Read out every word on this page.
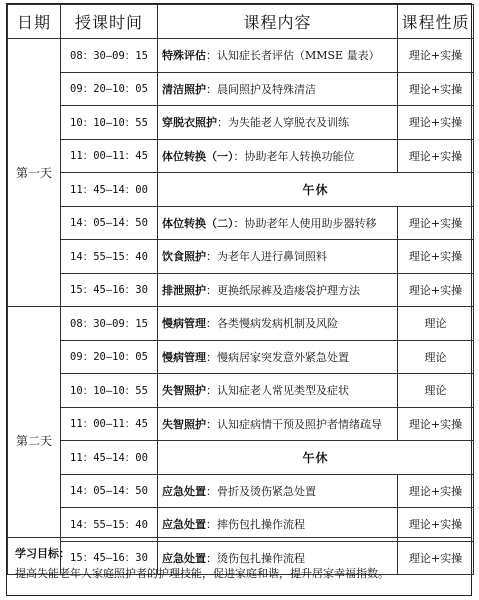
日期	授课时间	课程内容	课程性质
第一天	08：30—09：15	特殊评估：认知症长者评估（MMSE 量表）	理论+实操
	09：20—10：05	清洁照护：晨间照护及特殊清洁	理论+实操
	10：10—10：55	穿脱衣照护：为失能老人穿脱衣及训练	理论+实操
	11：00—11：45	体位转换（一）：协助老年人转换功能位	理论+实操
	11：45—14：00	午休	
	14：05—14：50	体位转换（二）：协助老年人使用助步器转移	理论+实操
	14：55—15：40	饮食照护：为老年人进行鼻饲照料	理论+实操
	15：45—16：30	排泄照护：更换纸尿裤及造瘘袋护理方法	理论+实操
第二天	08：30—09：15	慢病管理：各类慢病发病机制及风险	理论
	09：20—10：05	慢病管理：慢病居家突发意外紧急处置	理论
	10：10—10：55	失智照护：认知症老人常见类型及症状	理论
	11：00—11：45	失智照护：认知症病情干预及照护者情绪疏导	理论+实操
	11：45—14：00	午休	
	14：05—14：50	应急处置：骨折及烫伤紧急处置	理论+实操
	14：55—15：40	应急处置：摔伤包扎操作流程	理论+实操
	15：45—16：30	应急处置：烫伤包扎操作流程	理论+实操
学习目标：
提高失能老年人家庭照护者的护理技能，促进家庭和谐，提升居家幸福指数。
